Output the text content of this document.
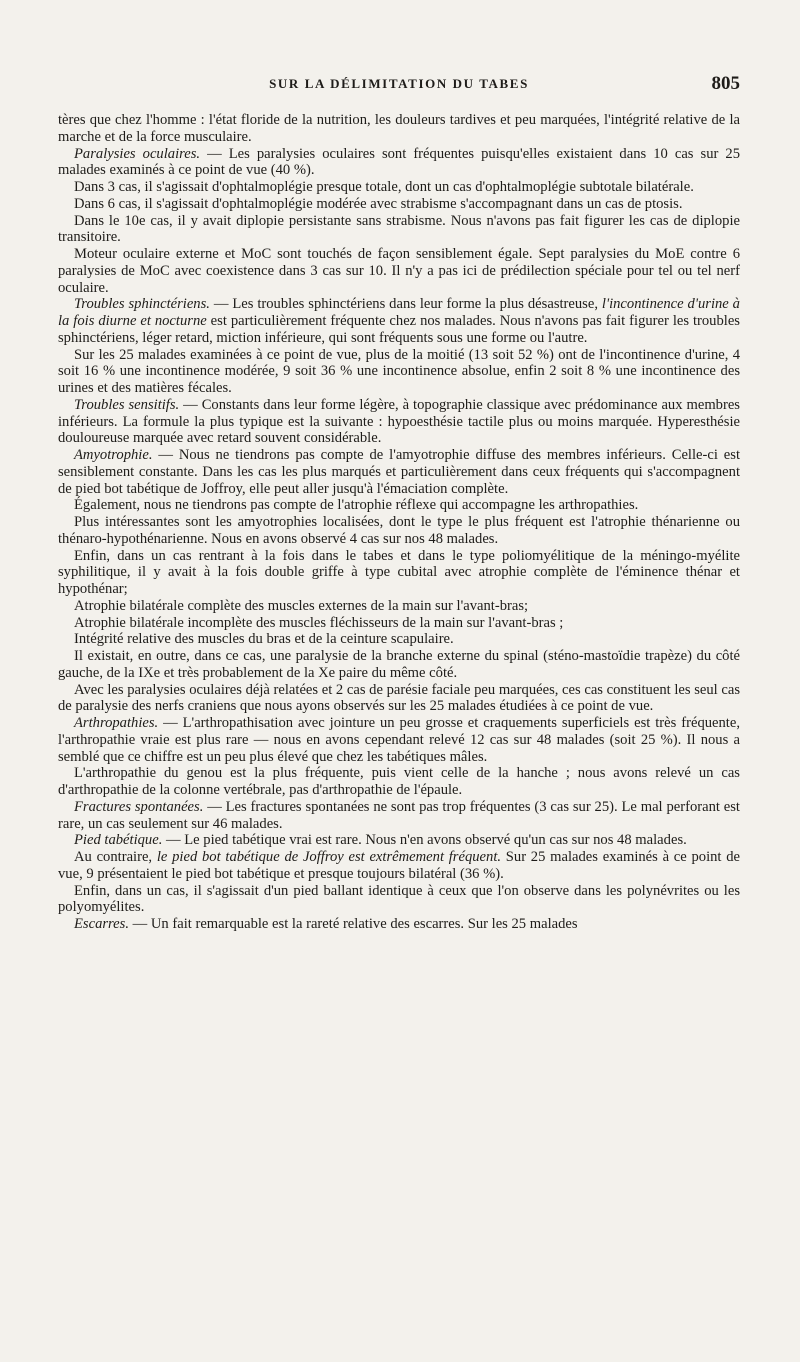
SUR LA DÉLIMITATION DU TABES	805

tères que chez l'homme : l'état floride de la nutrition, les douleurs tardives et peu marquées, l'intégrité relative de la marche et de la force musculaire.

Paralysies oculaires. — Les paralysies oculaires sont fréquentes puisqu'elles existaient dans 10 cas sur 25 malades examinés à ce point de vue (40 %).

Dans 3 cas, il s'agissait d'ophtalmoplégie presque totale, dont un cas d'ophtalmoplégie subtotale bilatérale.

Dans 6 cas, il s'agissait d'ophtalmoplégie modérée avec strabisme s'accompagnant dans un cas de ptosis.

Dans le 10e cas, il y avait diplopie persistante sans strabisme. Nous n'avons pas fait figurer les cas de diplopie transitoire.

Moteur oculaire externe et MoC sont touchés de façon sensiblement égale. Sept paralysies du MoE contre 6 paralysies de MoC avec coexistence dans 3 cas sur 10. Il n'y a pas ici de prédilection spéciale pour tel ou tel nerf oculaire.

Troubles sphinctériens. — Les troubles sphinctériens dans leur forme la plus désastreuse, l'incontinence d'urine à la fois diurne et nocturne est particulièrement fréquente chez nos malades. Nous n'avons pas fait figurer les troubles sphinctériens, léger retard, miction inférieure, qui sont fréquents sous une forme ou l'autre.

Sur les 25 malades examinées à ce point de vue, plus de la moitié (13 soit 52 %) ont de l'incontinence d'urine, 4 soit 16 % une incontinence modérée, 9 soit 36 % une incontinence absolue, enfin 2 soit 8 % une incontinence des urines et des matières fécales.

Troubles sensitifs. — Constants dans leur forme légère, à topographie classique avec prédominance aux membres inférieurs. La formule la plus typique est la suivante : hypoesthésie tactile plus ou moins marquée. Hyperesthésie douloureuse marquée avec retard souvent considérable.

Amyotrophie. — Nous ne tiendrons pas compte de l'amyotrophie diffuse des membres inférieurs. Celle-ci est sensiblement constante. Dans les cas les plus marqués et particulièrement dans ceux fréquents qui s'accompagnent de pied bot tabétique de Joffroy, elle peut aller jusqu'à l'émaciation complète.

Également, nous ne tiendrons pas compte de l'atrophie réflexe qui accompagne les arthropathies.

Plus intéressantes sont les amyotrophies localisées, dont le type le plus fréquent est l'atrophie thénarienne ou thénaro-hypothénarienne. Nous en avons observé 4 cas sur nos 48 malades.

Enfin, dans un cas rentrant à la fois dans le tabes et dans le type poliomyélitique de la méningo-myélite syphilitique, il y avait à la fois double griffe à type cubital avec atrophie complète de l'éminence thénar et hypothénar;

Atrophie bilatérale complète des muscles externes de la main sur l'avant-bras;

Atrophie bilatérale incomplète des muscles fléchisseurs de la main sur l'avant-bras ;

Intégrité relative des muscles du bras et de la ceinture scapulaire.

Il existait, en outre, dans ce cas, une paralysie de la branche externe du spinal (sténo-mastoïdie trapèze) du côté gauche, de la IXe et très probablement de la Xe paire du même côté.

Avec les paralysies oculaires déjà relatées et 2 cas de parésie faciale peu marquées, ces cas constituent les seul cas de paralysie des nerfs craniens que nous ayons observés sur les 25 malades étudiées à ce point de vue.

Arthropathies. — L'arthropathisation avec jointure un peu grosse et craquements superficiels est très fréquente, l'arthropathie vraie est plus rare — nous en avons cependant relevé 12 cas sur 48 malades (soit 25 %). Il nous a semblé que ce chiffre est un peu plus élevé que chez les tabétiques mâles.

L'arthropathie du genou est la plus fréquente, puis vient celle de la hanche ; nous avons relevé un cas d'arthropathie de la colonne vertébrale, pas d'arthropathie de l'épaule.

Fractures spontanées. — Les fractures spontanées ne sont pas trop fréquentes (3 cas sur 25). Le mal perforant est rare, un cas seulement sur 46 malades.

Pied tabétique. — Le pied tabétique vrai est rare. Nous n'en avons observé qu'un cas sur nos 48 malades.

Au contraire, le pied bot tabétique de Joffroy est extrêmement fréquent. Sur 25 malades examinés à ce point de vue, 9 présentaient le pied bot tabétique et presque toujours bilatéral (36 %).

Enfin, dans un cas, il s'agissait d'un pied ballant identique à ceux que l'on observe dans les polynévrites ou les polyomyélites.

Escarres. — Un fait remarquable est la rareté relative des escarres. Sur les 25 malades
